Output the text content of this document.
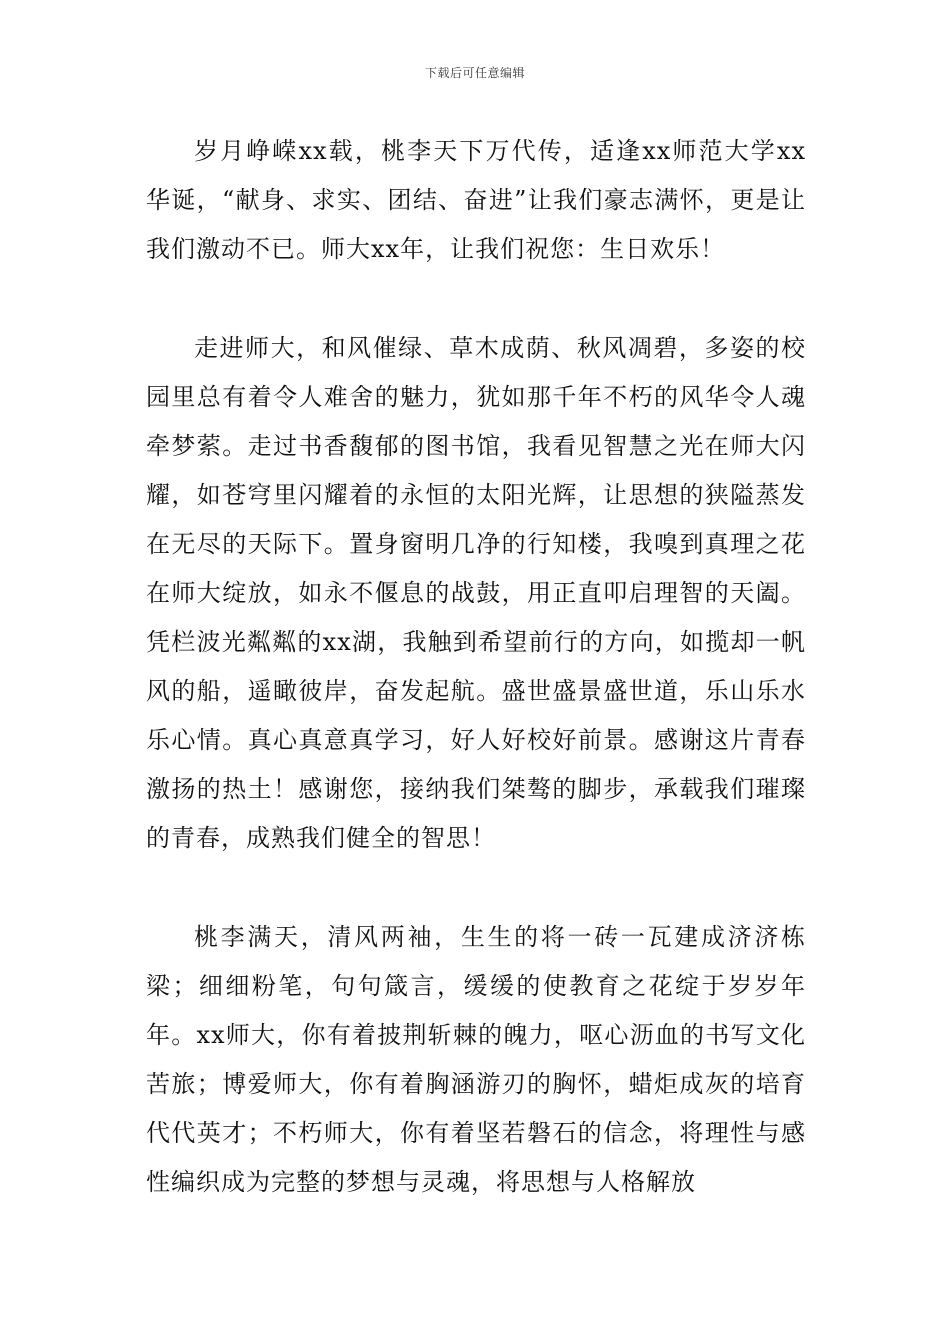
下载后可任意编辑

岁月峥嵘xx载，桃李天下万代传，适逢xx师范大学xx华诞，“献身、求实、团结、奋进”让我们豪志满怀，更是让我们激动不已。师大xx年，让我们祝您：生日欢乐！

走进师大，和风催绿、草木成荫、秋风凋碧，多姿的校园里总有着令人难舍的魅力，犹如那千年不朽的风华令人魂牵梦萦。走过书香馥郁的图书馆，我看见智慧之光在师大闪耀，如苍穹里闪耀着的永恒的太阳光辉，让思想的狭隘蒸发在无尽的天际下。置身窗明几净的行知楼，我嗅到真理之花在师大绽放，如永不偃息的战鼓，用正直叩启理智的天阖。凭栏波光粼粼的xx湖，我触到希望前行的方向，如揽却一帆风的船，遥瞰彼岸，奋发起航。盛世盛景盛世道，乐山乐水乐心情。真心真意真学习，好人好校好前景。感谢这片青春激扬的热土！感谢您，接纳我们桀骜的脚步，承载我们璀璨的青春，成熟我们健全的智思！

桃李满天，清风两袖，生生的将一砖一瓦建成济济栋梁；细细粉笔，句句箴言，缓缓的使教育之花绽于岁岁年年。xx师大，你有着披荆斩棘的魄力，呕心沥血的书写文化苦旅；博爱师大，你有着胸涵游刃的胸怀，蜡炬成灰的培育代代英才；不朽师大，你有着坚若磐石的信念，将理性与感性编织成为完整的梦想与灵魂，将思想与人格解放
